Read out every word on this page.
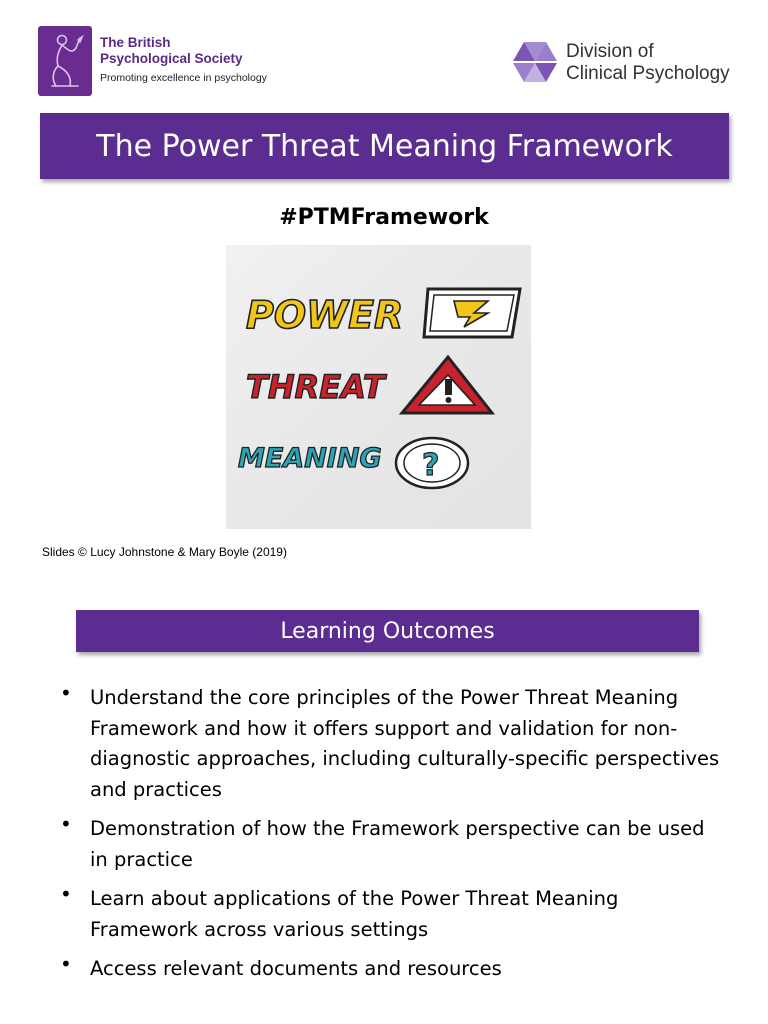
The British
Psychological Society
Promoting excellence in psychology
Division of
Clinical Psychology
The Power Threat Meaning Framework
#PTMFramework
POWER
THREAT
MEANING ?
Slides © Lucy Johnstone & Mary Boyle (2019)
Learning Outcomes
• Understand the core principles of the Power Threat Meaning
Framework and how it offers support and validation for non-
diagnostic approaches, including culturally-specific perspectives
and practices
• Demonstration of how the Framework perspective can be used
in practice
• Learn about applications of the Power Threat Meaning
Framework across various settings
• Access relevant documents and resources
